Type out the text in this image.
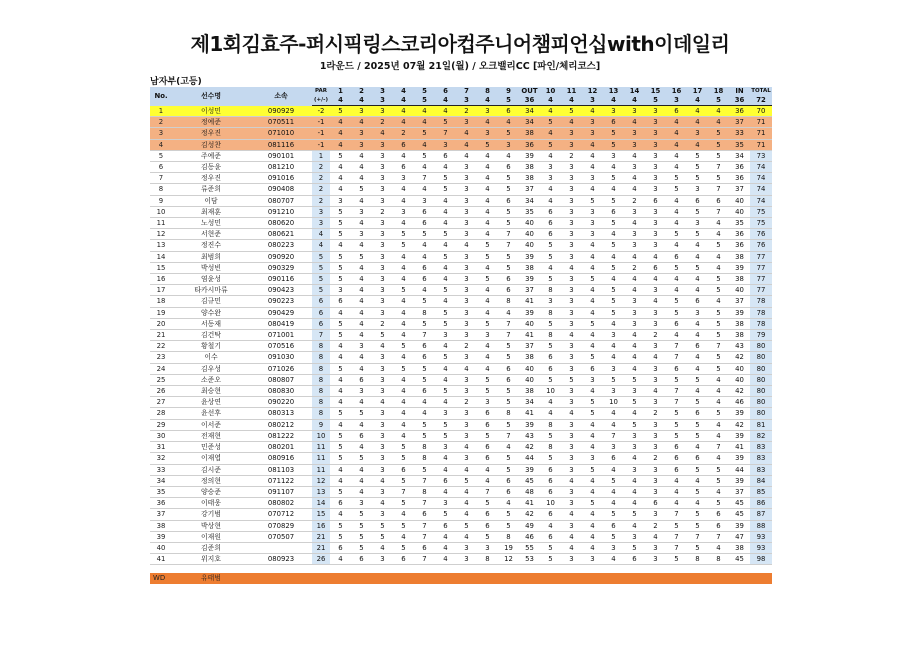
제1회김효주-퍼시픽링스코리아컵주니어챔피언십with이데일리
1라운드 / 2025년 07월 21일(월) / 오크밸리CC [파인/체리코스]
남자부(고등)
No.	선수명	소속	PAR	1	2	3	4	5	6	7	8	9	OUT	10	11	12	13	14	15	16	17	18	IN	TOTAL
			(+/-)	4	4	3	4	5	4	3	4	5	36	4	4	3	4	4	5	3	4	5	36	72
1	이성민	090929	-2	5	3	3	4	4	4	2	3	6	34	4	5	4	3	3	3	6	4	4	36	70
2	정예준	070511	-1	4	4	2	4	4	5	3	4	4	34	5	4	3	6	4	3	4	4	4	37	71
3	정우진	071010	-1	4	3	4	2	5	7	4	3	5	38	4	3	3	5	3	3	4	3	5	33	71
4	김성찬	081116	-1	4	3	3	6	4	3	4	5	3	36	5	3	4	5	3	3	4	4	5	35	71
5	주예준	090101	1	5	4	3	4	5	6	4	4	4	39	4	2	4	3	4	3	4	5	5	34	73
6	김동윤	081210	2	4	4	3	6	4	4	3	4	6	38	3	3	4	4	3	3	4	5	7	36	74
7	정우진	091016	2	4	4	3	3	7	5	3	4	5	38	3	3	3	5	4	3	5	5	5	36	74
8	류준희	090408	2	4	5	3	4	4	5	3	4	5	37	4	3	4	4	4	3	5	3	7	37	74
9	이담	080707	2	3	4	3	4	3	4	3	4	6	34	4	3	5	5	2	6	4	6	6	40	74
10	최재훈	091210	3	5	3	2	3	6	4	3	4	5	35	6	3	3	6	3	3	4	5	7	40	75
11	노성민	080620	3	5	4	3	4	6	4	3	4	5	40	6	3	3	5	4	3	4	3	4	35	75
12	서현준	080621	4	5	3	3	5	5	5	3	4	7	40	6	3	3	4	3	3	5	5	4	36	76
13	정진수	080223	4	4	4	3	5	4	4	4	5	7	40	5	3	4	5	3	3	4	4	5	36	76
14	최범희	090920	5	5	5	3	4	4	5	3	5	5	39	5	3	4	4	4	4	6	4	4	38	77
15	박성빈	090329	5	5	4	3	4	6	4	3	4	5	38	4	4	4	5	2	6	5	5	4	39	77
16	염윤성	090116	5	5	4	3	4	6	4	3	5	6	39	5	3	5	4	4	4	4	4	5	38	77
17	타카시마류	090423	5	3	4	3	5	4	5	3	4	6	37	8	3	4	5	4	3	4	4	5	40	77
18	김규민	090223	6	6	4	3	4	5	4	3	4	8	41	3	3	4	5	3	4	5	6	4	37	78
19	양수완	090429	6	4	4	3	4	8	5	3	4	4	39	8	3	4	5	3	3	5	3	5	39	78
20	서동재	080419	6	5	4	2	4	5	5	3	5	7	40	5	3	5	4	3	3	6	4	5	38	78
21	김건탁	071001	7	5	4	5	4	7	3	3	3	7	41	8	4	4	3	4	2	4	4	5	38	79
22	황철기	070516	8	4	3	4	5	6	4	2	4	5	37	5	3	4	4	4	3	7	6	7	43	80
23	이수	091030	8	4	4	3	4	6	5	3	4	5	38	6	3	5	4	4	4	7	4	5	42	80
24	김우성	071026	8	5	4	3	5	5	4	4	4	6	40	6	3	6	3	4	3	6	4	5	40	80
25	소준오	080807	8	4	6	3	4	5	4	3	5	6	40	5	5	3	5	5	3	5	5	4	40	80
26	최승현	080830	8	4	3	3	4	6	5	3	5	5	38	10	3	4	3	3	4	7	4	4	42	80
27	윤상연	090220	8	4	4	4	4	4	4	2	3	5	34	4	3	5	10	5	3	7	5	4	46	80
28	윤선후	080313	8	5	5	3	4	4	3	3	6	8	41	4	4	5	4	4	2	5	6	5	39	80
29	이서준	080212	9	4	4	3	4	5	5	3	6	5	39	8	3	4	4	5	3	5	5	4	42	81
30	전재현	081222	10	5	6	3	4	5	5	3	5	7	43	5	3	4	7	3	3	5	5	4	39	82
31	민준성	080201	11	5	4	3	5	8	3	4	6	4	42	8	3	4	3	3	3	6	4	7	41	83
32	이재엽	080916	11	5	5	3	5	8	4	3	6	5	44	5	3	3	6	4	2	6	6	4	39	83
33	김시준	081103	11	4	4	3	6	5	4	4	4	5	39	6	3	5	4	3	3	6	5	5	44	83
34	정의현	071122	12	4	4	4	5	7	6	5	4	6	45	6	4	4	5	4	3	4	4	5	39	84
35	양승준	091107	13	5	4	3	7	8	4	4	7	6	48	6	3	4	4	4	3	4	5	4	37	85
36	이태웅	080802	14	6	3	4	5	7	3	4	5	4	41	10	3	5	4	4	6	4	4	5	45	86
37	강기범	070712	15	4	5	3	4	6	5	4	6	5	42	6	4	4	5	5	3	7	5	6	45	87
38	박상현	070829	16	5	5	5	5	7	6	5	6	5	49	4	3	4	6	4	2	5	5	6	39	88
39	이재원	070507	21	5	5	5	4	7	4	4	5	8	46	6	4	4	5	3	4	7	7	7	47	93
40	김준희		21	6	5	4	5	6	4	3	3	19	55	5	4	4	3	5	3	7	5	4	38	93
41	위지호	080923	26	4	6	3	6	7	4	3	8	12	53	5	3	3	4	6	3	5	8	8	45	98

WD	유태범																							
